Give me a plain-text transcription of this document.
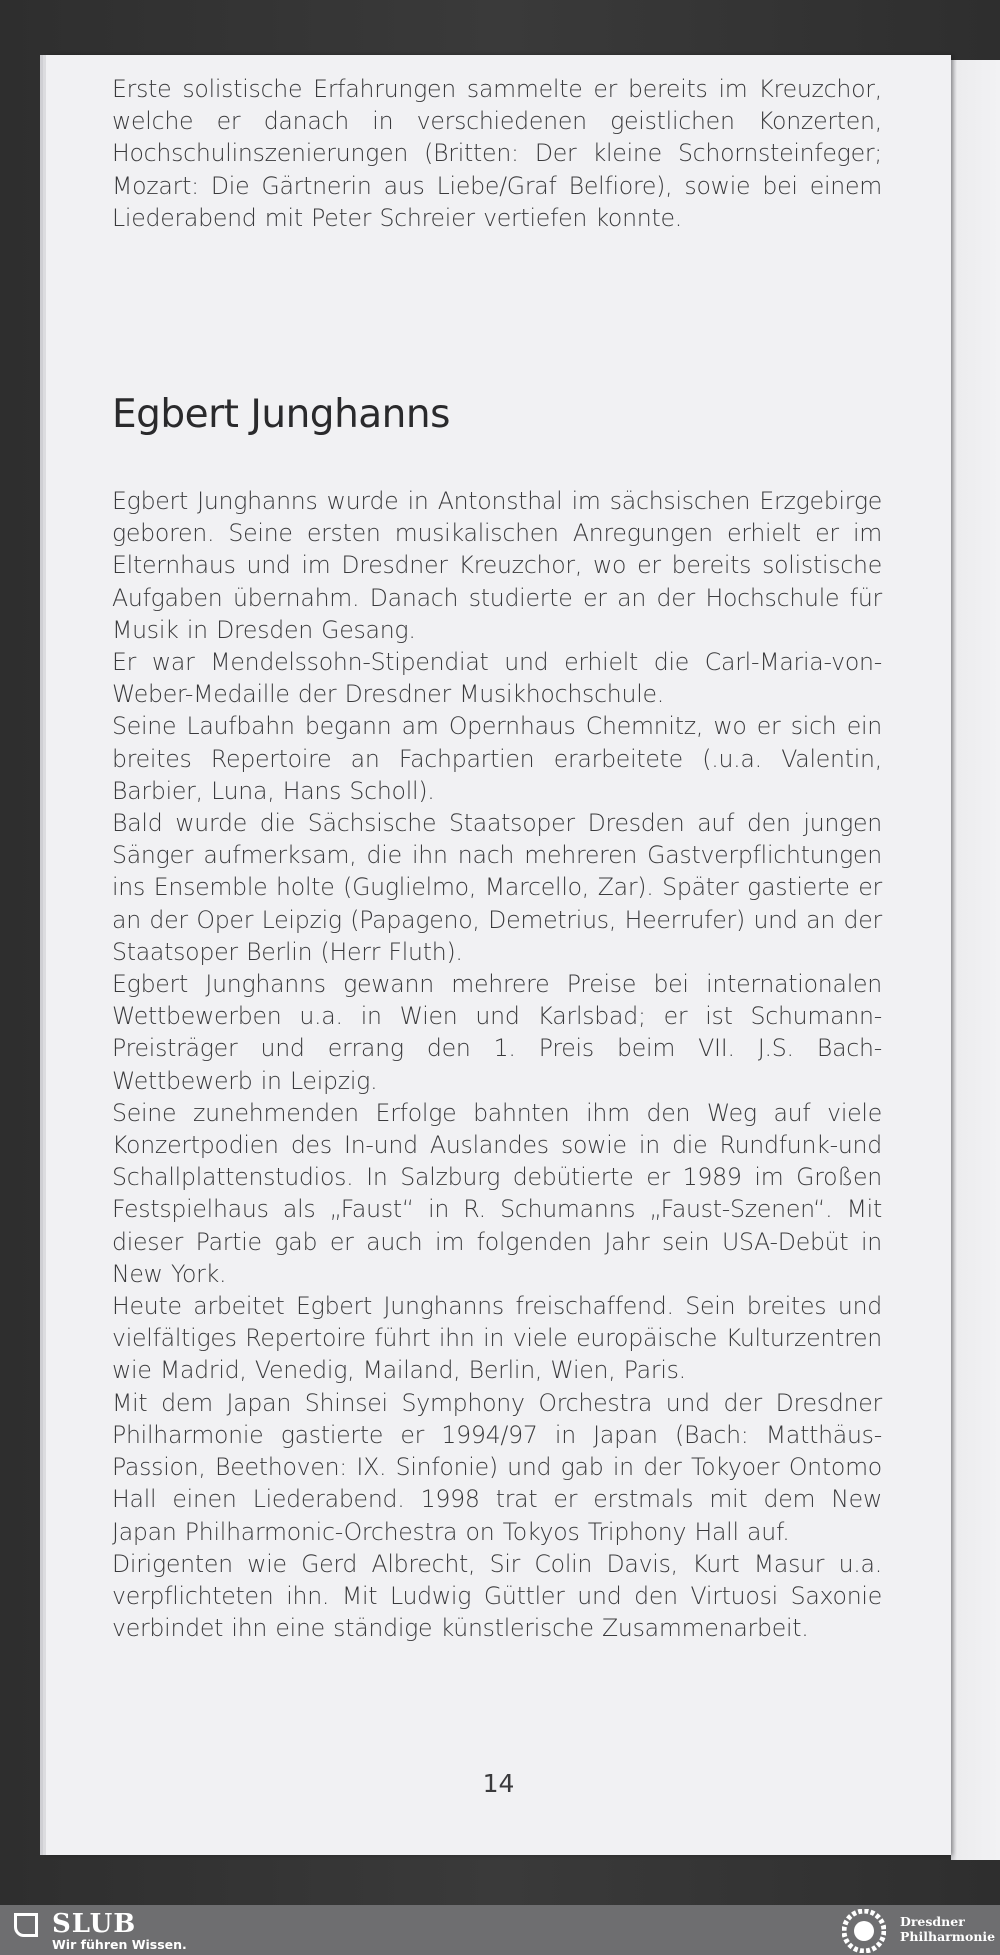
Erste solistische Erfahrungen sammelte er bereits im Kreuzchor, welche er danach in verschiedenen geistlichen Konzerten, Hochschulinszenierungen (Britten: Der kleine Schornsteinfeger; Mozart: Die Gärtnerin aus Liebe/Graf Belfiore), sowie bei einem Liederabend mit Peter Schreier vertiefen konnte.

Egbert Junghanns

Egbert Junghanns wurde in Antonsthal im sächsischen Erzgebirge geboren. Seine ersten musikalischen Anregungen erhielt er im Elternhaus und im Dresdner Kreuzchor, wo er bereits solistische Aufgaben übernahm. Danach studierte er an der Hochschule für Musik in Dresden Gesang.

Er war Mendelssohn-Stipendiat und erhielt die Carl-Maria-von-Weber-Medaille der Dresdner Musikhochschule.

Seine Laufbahn begann am Opernhaus Chemnitz, wo er sich ein breites Repertoire an Fachpartien erarbeitete (.u.a. Valentin, Barbier, Luna, Hans Scholl).

Bald wurde die Sächsische Staatsoper Dresden auf den jungen Sänger aufmerksam, die ihn nach mehreren Gastverpflichtungen ins Ensemble holte (Guglielmo, Marcello, Zar). Später gastierte er an der Oper Leipzig (Papageno, Demetrius, Heerrufer) und an der Staatsoper Berlin (Herr Fluth).

Egbert Junghanns gewann mehrere Preise bei internationalen Wettbewerben u.a. in Wien und Karlsbad; er ist Schumann-Preisträger und errang den 1. Preis beim VII. J.S. Bach-Wettbewerb in Leipzig.

Seine zunehmenden Erfolge bahnten ihm den Weg auf viele Konzertpodien des In-und Auslandes sowie in die Rundfunk-und Schallplattenstudios. In Salzburg debütierte er 1989 im Großen Festspielhaus als „Faust“ in R. Schumanns „Faust-Szenen“. Mit dieser Partie gab er auch im folgenden Jahr sein USA-Debüt in New York.

Heute arbeitet Egbert Junghanns freischaffend. Sein breites und vielfältiges Repertoire führt ihn in viele europäische Kulturzentren wie Madrid, Venedig, Mailand, Berlin, Wien, Paris.

Mit dem Japan Shinsei Symphony Orchestra und der Dresdner Philharmonie gastierte er 1994/97 in Japan (Bach: Matthäus-Passion, Beethoven: IX. Sinfonie) und gab in der Tokyoer Ontomo Hall einen Liederabend. 1998 trat er erstmals mit dem New Japan Philharmonic-Orchestra on Tokyos Triphony Hall auf.

Dirigenten wie Gerd Albrecht, Sir Colin Davis, Kurt Masur u.a. verpflichteten ihn. Mit Ludwig Güttler und den Virtuosi Saxonie verbindet ihn eine ständige künstlerische Zusammenarbeit.

14
SLUB
Wir führen Wissen.
Dresdner
Philharmonie
